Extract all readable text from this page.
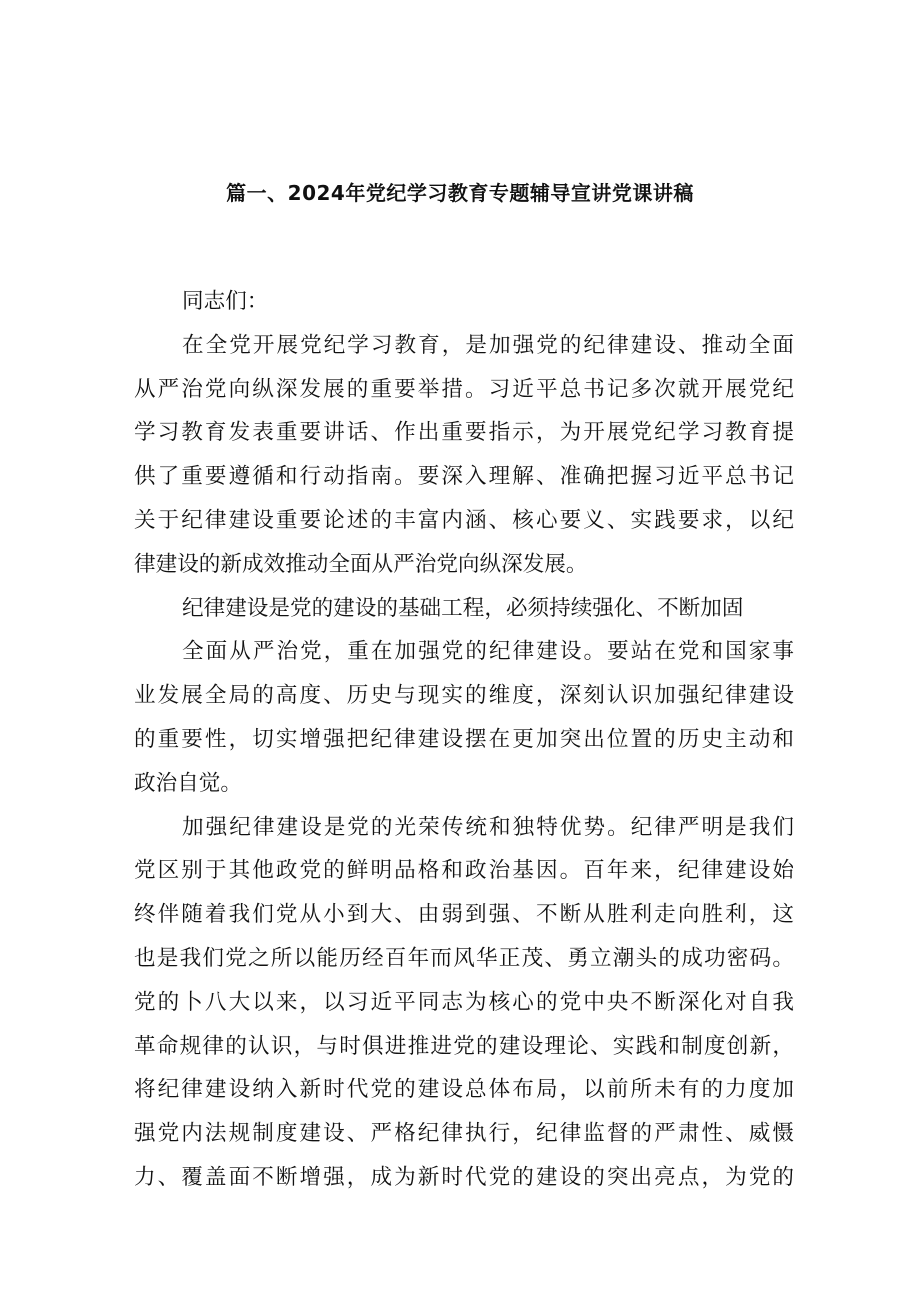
篇一、2024年党纪学习教育专题辅导宣讲党课讲稿
同志们：
在全党开展党纪学习教育，是加强党的纪律建设、推动全面
从严治党向纵深发展的重要举措。习近平总书记多次就开展党纪
学习教育发表重要讲话、作出重要指示，为开展党纪学习教育提
供了重要遵循和行动指南。要深入理解、准确把握习近平总书记
关于纪律建设重要论述的丰富内涵、核心要义、实践要求，以纪
律建设的新成效推动全面从严治党向纵深发展。
纪律建设是党的建设的基础工程，必须持续强化、不断加固
全面从严治党，重在加强党的纪律建设。要站在党和国家事
业发展全局的高度、历史与现实的维度，深刻认识加强纪律建设
的重要性，切实增强把纪律建设摆在更加突出位置的历史主动和
政治自觉。
加强纪律建设是党的光荣传统和独特优势。纪律严明是我们
党区别于其他政党的鲜明品格和政治基因。百年来，纪律建设始
终伴随着我们党从小到大、由弱到强、不断从胜利走向胜利，这
也是我们党之所以能历经百年而风华正茂、勇立潮头的成功密码。
党的卜八大以来，以习近平同志为核心的党中央不断深化对自我
革命规律的认识，与时俱进推进党的建设理论、实践和制度创新，
将纪律建设纳入新时代党的建设总体布局，以前所未有的力度加
强党内法规制度建设、严格纪律执行，纪律监督的严肃性、威慑
力、覆盖面不断增强，成为新时代党的建设的突出亮点，为党的
